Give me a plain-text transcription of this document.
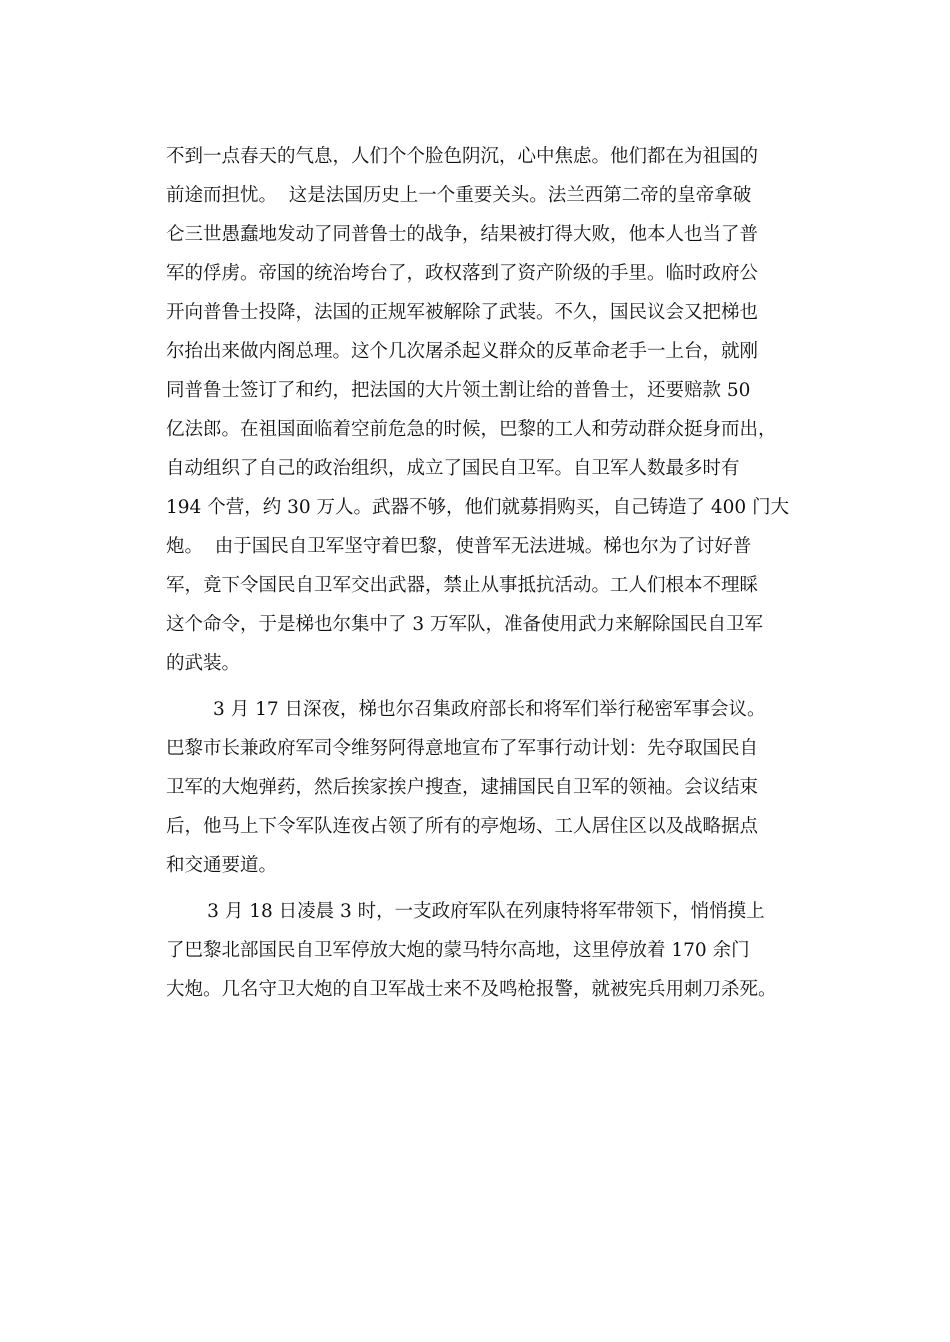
不到一点春天的气息，人们个个脸色阴沉，心中焦虑。他们都在为祖国的
前途而担忧。  这是法国历史上一个重要关头。法兰西第二帝的皇帝拿破
仑三世愚蠢地发动了同普鲁士的战争，结果被打得大败，他本人也当了普
军的俘虏。帝国的统治垮台了，政权落到了资产阶级的手里。临时政府公
开向普鲁士投降，法国的正规军被解除了武装。不久，国民议会又把梯也
尔抬出来做内阁总理。这个几次屠杀起义群众的反革命老手一上台，就刚
同普鲁士签订了和约，把法国的大片领土割让给的普鲁士，还要赔款 50
亿法郎。在祖国面临着空前危急的时候，巴黎的工人和劳动群众挺身而出，
自动组织了自己的政治组织，成立了国民自卫军。自卫军人数最多时有
194 个营，约 30 万人。武器不够，他们就募捐购买，自己铸造了 400 门大
炮。  由于国民自卫军坚守着巴黎，使普军无法进城。梯也尔为了讨好普
军，竟下令国民自卫军交出武器，禁止从事抵抗活动。工人们根本不理睬
这个命令，于是梯也尔集中了 3 万军队，准备使用武力来解除国民自卫军
的武装。
3 月 17 日深夜，梯也尔召集政府部长和将军们举行秘密军事会议。
巴黎市长兼政府军司令维努阿得意地宣布了军事行动计划：先夺取国民自
卫军的大炮弹药，然后挨家挨户搜查，逮捕国民自卫军的领袖。会议结束
后，他马上下令军队连夜占领了所有的亭炮场、工人居住区以及战略据点
和交通要道。
3 月 18 日凌晨 3 时，一支政府军队在列康特将军带领下，悄悄摸上
了巴黎北部国民自卫军停放大炮的蒙马特尔高地，这里停放着 170 余门
大炮。几名守卫大炮的自卫军战士来不及鸣枪报警，就被宪兵用刺刀杀死。
